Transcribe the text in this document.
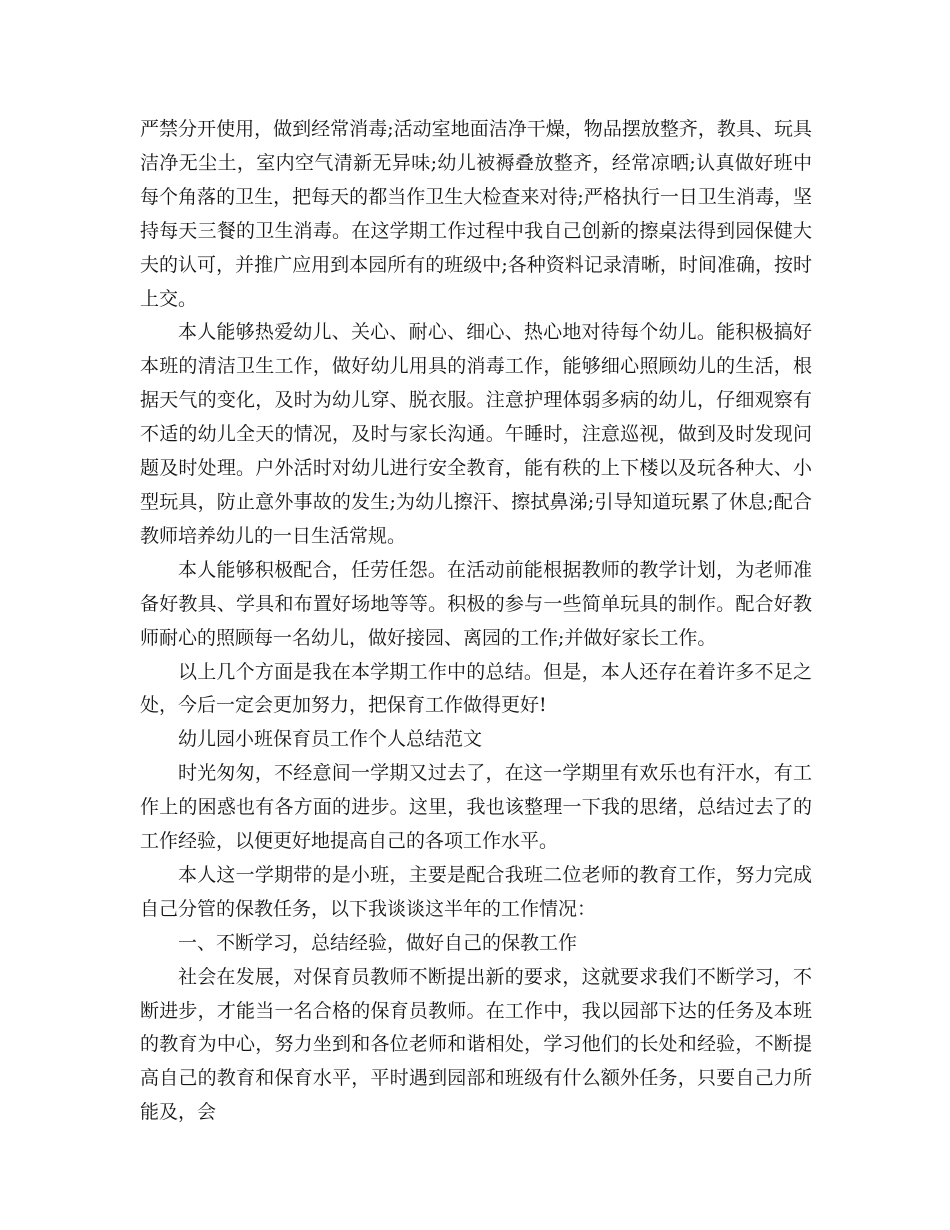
严禁分开使用，做到经常消毒;活动室地面洁净干燥，物品摆放整齐，教具、玩具洁净无尘土，室内空气清新无异味;幼儿被褥叠放整齐，经常凉晒;认真做好班中每个角落的卫生，把每天的都当作卫生大检查来对待;严格执行一日卫生消毒，坚持每天三餐的卫生消毒。在这学期工作过程中我自己创新的擦桌法得到园保健大夫的认可，并推广应用到本园所有的班级中;各种资料记录清晰，时间准确，按时上交。

本人能够热爱幼儿、关心、耐心、细心、热心地对待每个幼儿。能积极搞好本班的清洁卫生工作，做好幼儿用具的消毒工作，能够细心照顾幼儿的生活，根据天气的变化，及时为幼儿穿、脱衣服。注意护理体弱多病的幼儿，仔细观察有不适的幼儿全天的情况，及时与家长沟通。午睡时，注意巡视，做到及时发现问题及时处理。户外活时对幼儿进行安全教育，能有秩的上下楼以及玩各种大、小型玩具，防止意外事故的发生;为幼儿擦汗、擦拭鼻涕;引导知道玩累了休息;配合教师培养幼儿的一日生活常规。

本人能够积极配合，任劳任怨。在活动前能根据教师的教学计划，为老师准备好教具、学具和布置好场地等等。积极的参与一些简单玩具的制作。配合好教师耐心的照顾每一名幼儿，做好接园、离园的工作;并做好家长工作。

以上几个方面是我在本学期工作中的总结。但是，本人还存在着许多不足之处，今后一定会更加努力，把保育工作做得更好!

幼儿园小班保育员工作个人总结范文

时光匆匆，不经意间一学期又过去了，在这一学期里有欢乐也有汗水，有工作上的困惑也有各方面的进步。这里，我也该整理一下我的思绪，总结过去了的工作经验，以便更好地提高自己的各项工作水平。

本人这一学期带的是小班，主要是配合我班二位老师的教育工作，努力完成自己分管的保教任务，以下我谈谈这半年的工作情况：

一、不断学习，总结经验，做好自己的保教工作

社会在发展，对保育员教师不断提出新的要求，这就要求我们不断学习，不断进步，才能当一名合格的保育员教师。在工作中，我以园部下达的任务及本班的教育为中心，努力坐到和各位老师和谐相处，学习他们的长处和经验，不断提高自己的教育和保育水平，平时遇到园部和班级有什么额外任务，只要自己力所能及，会
